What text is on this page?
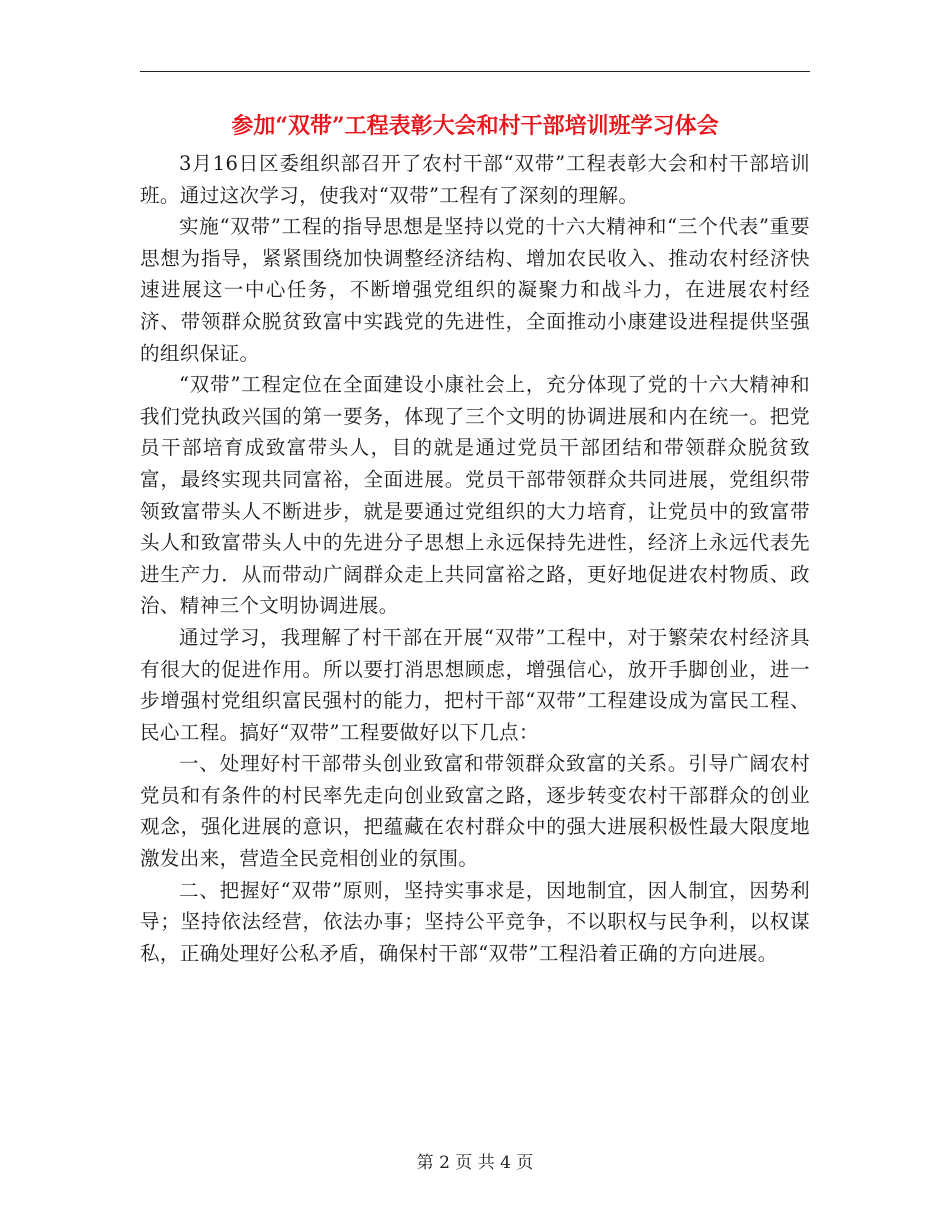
参加“双带”工程表彰大会和村干部培训班学习体会

3月16日区委组织部召开了农村干部“双带”工程表彰大会和村干部培训班。通过这次学习，使我对“双带”工程有了深刻的理解。

实施“双带”工程的指导思想是坚持以党的十六大精神和“三个代表”重要思想为指导，紧紧围绕加快调整经济结构、增加农民收入、推动农村经济快速进展这一中心任务，不断增强党组织的凝聚力和战斗力，在进展农村经济、带领群众脱贫致富中实践党的先进性，全面推动小康建设进程提供坚强的组织保证。

“双带”工程定位在全面建设小康社会上，充分体现了党的十六大精神和我们党执政兴国的第一要务，体现了三个文明的协调进展和内在统一。把党员干部培育成致富带头人，目的就是通过党员干部团结和带领群众脱贫致富，最终实现共同富裕，全面进展。党员干部带领群众共同进展，党组织带领致富带头人不断进步，就是要通过党组织的大力培育，让党员中的致富带头人和致富带头人中的先进分子思想上永远保持先进性，经济上永远代表先进生产力．从而带动广阔群众走上共同富裕之路，更好地促进农村物质、政治、精神三个文明协调进展。

通过学习，我理解了村干部在开展“双带”工程中，对于繁荣农村经济具有很大的促进作用。所以要打消思想顾虑，增强信心，放开手脚创业，进一步增强村党组织富民强村的能力，把村干部“双带”工程建设成为富民工程、民心工程。搞好“双带”工程要做好以下几点：

一、处理好村干部带头创业致富和带领群众致富的关系。引导广阔农村党员和有条件的村民率先走向创业致富之路，逐步转变农村干部群众的创业观念，强化进展的意识，把蕴藏在农村群众中的强大进展积极性最大限度地激发出来，营造全民竞相创业的氛围。

二、把握好“双带”原则，坚持实事求是，因地制宜，因人制宜，因势利导；坚持依法经营，依法办事；坚持公平竞争，不以职权与民争利，以权谋私，正确处理好公私矛盾，确保村干部“双带”工程沿着正确的方向进展。

第 2 页 共 4 页
